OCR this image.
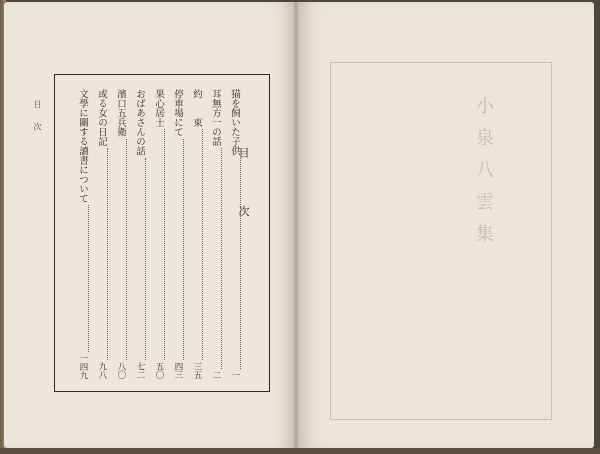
目 次
目 次
猫を飼いた子供
一
耳無方一の話
二
約　　束
三五
停車場にて
四三
果心居士
五〇
おばあさんの話
七二
濱口五兵衛
八〇
或る女の日記
九八
文學に關する讀書について
一四九
小泉八雲集
